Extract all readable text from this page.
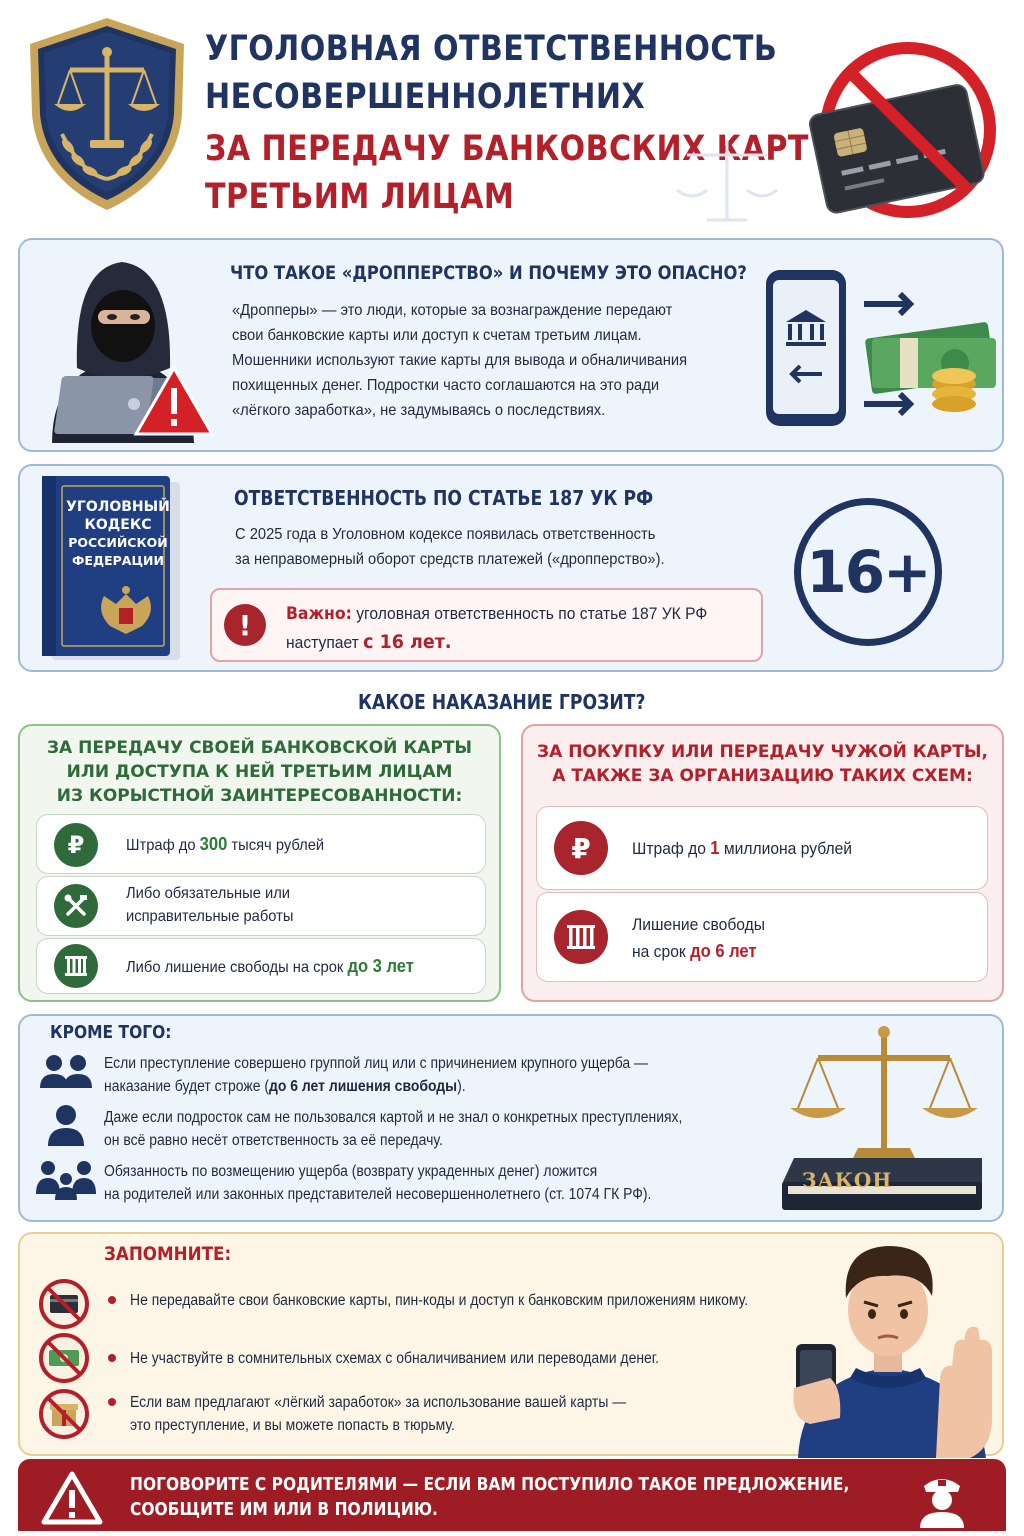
УГОЛОВНАЯ ОТВЕТСТВЕННОСТЬ
НЕСОВЕРШЕННОЛЕТНИХ
ЗА ПЕРЕДАЧУ БАНКОВСКИХ КАРТ
ТРЕТЬИМ ЛИЦАМ
ЧТО ТАКОЕ «ДРОППЕРСТВО» И ПОЧЕМУ ЭТО ОПАСНО?

«Дропперы» — это люди, которые за вознаграждение передают

свои банковские карты или доступ к счетам третьим лицам.

Мошенники используют такие карты для вывода и обналичивания

похищенных денег. Подростки часто соглашаются на это ради

«лёгкого заработка», не задумываясь о последствиях.

УГОЛОВНЫЙ
КОДЕКС
РОССИЙСКОЙ
ФЕДЕРАЦИИ
ОТВЕТСТВЕННОСТЬ ПО СТАТЬЕ 187 УК РФ

С 2025 года в Уголовном кодексе появилась ответственность

за неправомерный оборот средств платежей («дропперство»).

!	Важно: уголовная ответственность по статье 187 УК РФ

наступает с 16 лет.

16+
КАКОЕ НАКАЗАНИЕ ГРОЗИТ?
ЗА ПЕРЕДАЧУ СВОЕЙ БАНКОВСКОЙ КАРТЫ
ИЛИ ДОСТУПА К НЕЙ ТРЕТЬИМ ЛИЦАМ
ИЗ КОРЫСТНОЙ ЗАИНТЕРЕСОВАННОСТИ:
₽	Штраф до 300 тысяч рублей
Либо обязательные или
исправительные работы
Либо лишение свободы на срок до 3 лет
ЗА ПОКУПКУ ИЛИ ПЕРЕДАЧУ ЧУЖОЙ КАРТЫ,
А ТАКЖЕ ЗА ОРГАНИЗАЦИЮ ТАКИХ СХЕМ:
₽ Штраф до 1 миллиона рублей
Лишение свободы
на срок до 6 лет
КРОМЕ ТОГО:
Если преступление совершено группой лиц или с причинением крупного ущерба —
наказание будет строже (до 6 лет лишения свободы).
Даже если подросток сам не пользовался картой и не знал о конкретных преступлениях,
он всё равно несёт ответственность за её передачу.
Обязанность по возмещению ущерба (возврату украденных денег) ложится
на родителей или законных представителей несовершеннолетнего (ст. 1074 ГК РФ).
ЗАКОН
ЗАПОМНИТЕ:
Не передавайте свои банковские карты, пин-коды и доступ к банковским приложениям никому.
Не участвуйте в сомнительных схемах с обналичиванием или переводами денег.
Если вам предлагают «лёгкий заработок» за использование вашей карты —
это преступление, и вы можете попасть в тюрьму.
ПОГОВОРИТЕ С РОДИТЕЛЯМИ — ЕСЛИ ВАМ ПОСТУПИЛО ТАКОЕ ПРЕДЛОЖЕНИЕ,
СООБЩИТЕ ИМ ИЛИ В ПОЛИЦИЮ.
